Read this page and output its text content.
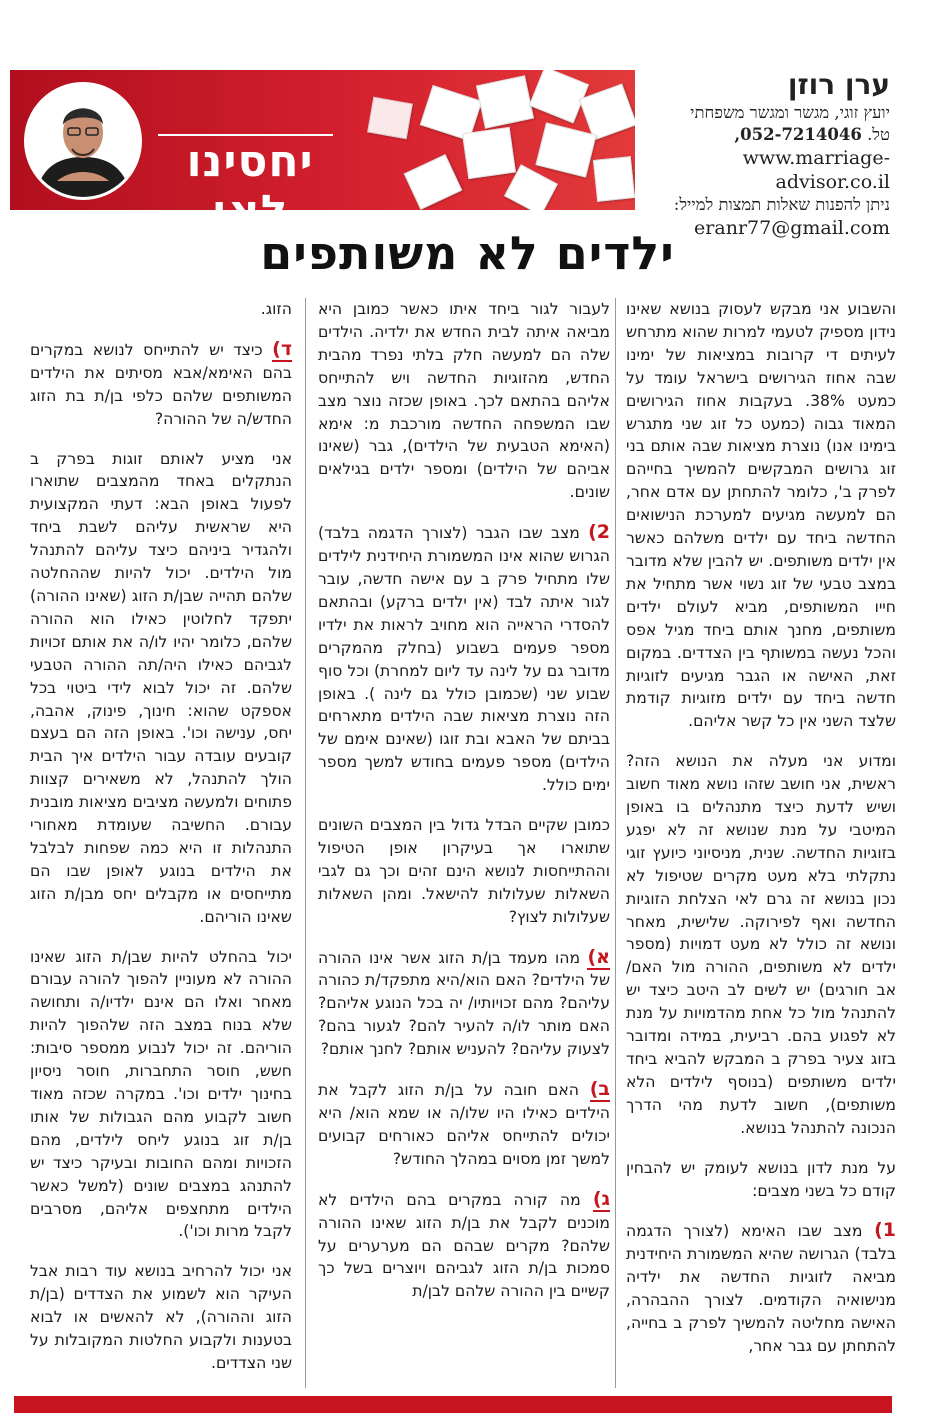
יחסינו לאן
ערן רוזן
יועץ זוגי, מגשר ומגשר משפחתי
טל. 052-7214046,
www.marriage-advisor.co.il
ניתן להפנות שאלות תמצות למייל:
eranr77@gmail.com
ילדים לא משותפים

והשבוע אני מבקש לעסוק בנושא שאינו נידון מספיק לטעמי למרות שהוא מתרחש לעיתים די קרובות במציאות של ימינו שבה אחוז הגירושים בישראל עומד על כמעט 38%. בעקבות אחוז הגירושים המאוד גבוה (כמעט כל זוג שני מתגרש בימינו אנו) נוצרת מציאות שבה אותם בני זוג גרושים המבקשים להמשיך בחייהם לפרק ב', כלומר להתחתן עם אדם אחר, הם למעשה מגיעים למערכת הנישואים החדשה ביחד עם ילדים משלהם כאשר אין ילדים משותפים. יש להבין שלא מדובר במצב טבעי של זוג נשוי אשר מתחיל את חייו המשותפים, מביא לעולם ילדים משותפים, מחנך אותם ביחד מגיל אפס והכל נעשה במשותף בין הצדדים. במקום זאת, האישה או הגבר מגיעים לזוגיות חדשה ביחד עם ילדים מזוגיות קודמת שלצד השני אין כל קשר אליהם.

ומדוע אני מעלה את הנושא הזה? ראשית, אני חושב שזהו נושא מאוד חשוב ושיש לדעת כיצד מתנהלים בו באופן המיטבי על מנת שנושא זה לא יפגע בזוגיות החדשה. שנית, מניסיוני כיועץ זוגי נתקלתי בלא מעט מקרים שטיפול לא נכון בנושא זה גרם לאי הצלחת הזוגיות החדשה ואף לפירוקה. שלישית, מאחר ונושא זה כולל לא מעט דמויות (מספר ילדים לא משותפים, ההורה מול האם/ אב חורגים) יש לשים לב היטב כיצד יש להתנהל מול כל אחת מהדמויות על מנת לא לפגוע בהם. רביעית, במידה ומדובר בזוג צעיר בפרק ב המבקש להביא ביחד ילדים משותפים (בנוסף לילדים הלא משותפים), חשוב לדעת מהי הדרך הנכונה להתנהל בנושא.

על מנת לדון בנושא לעומק יש להבחין קודם כל בשני מצבים:

1) מצב שבו האימא (לצורך הדגמה בלבד) הגרושה שהיא המשמורת היחידנית מביאה לזוגיות החדשה את ילדיה מנישואיה הקודמים. לצורך ההבהרה, האישה מחליטה להמשיך לפרק ב בחייה, להתחתן עם גבר אחר,

לעבור לגור ביחד איתו כאשר כמובן היא מביאה איתה לבית החדש את ילדיה. הילדים שלה הם למעשה חלק בלתי נפרד מהבית החדש, מהזוגיות החדשה ויש להתייחס אליהם בהתאם לכך. באופן שכזה נוצר מצב שבו המשפחה החדשה מורכבת מ: אימא (האימא הטבעית של הילדים), גבר (שאינו אביהם של הילדים) ומספר ילדים בגילאים שונים.

2) מצב שבו הגבר (לצורך הדגמה בלבד) הגרוש שהוא אינו המשמורת היחידנית לילדים שלו מתחיל פרק ב עם אישה חדשה, עובר לגור איתה לבד (אין ילדים ברקע) ובהתאם להסדרי הראייה הוא מחויב לראות את ילדיו מספר פעמים בשבוע (בחלק מהמקרים מדובר גם על לינה עד ליום למחרת) וכל סוף שבוע שני (שכמובן כולל גם לינה ). באופן הזה נוצרת מציאות שבה הילדים מתארחים בביתם של האבא ובת זוגו (שאינם אימם של הילדים) מספר פעמים בחודש למשך מספר ימים כולל.

כמובן שקיים הבדל גדול בין המצבים השונים שתוארו אך בעיקרון אופן הטיפול וההתייחסות לנושא הינם זהים וכך גם לגבי השאלות שעלולות להישאל. ומהן השאלות שעלולות לצוץ?

א) מהו מעמד בן/ת הזוג אשר אינו ההורה של הילדים? האם הוא/היא מתפקד/ת כהורה עליהם? מהם זכויותיו/ יה בכל הנוגע אליהם? האם מותר לו/ה להעיר להם? לגעור בהם? לצעוק עליהם? להעניש אותם? לחנך אותם?

ב) האם חובה על בן/ת הזוג לקבל את הילדים כאילו היו שלו/ה או שמא הוא/ היא יכולים להתייחס אליהם כאורחים קבועים למשך זמן מסוים במהלך החודש?

ג) מה קורה במקרים בהם הילדים לא מוכנים לקבל את בן/ת הזוג שאינו ההורה שלהם? מקרים שבהם הם מערערים על סמכות בן/ת הזוג לגביהם ויוצרים בשל כך קשיים בין ההורה שלהם לבן/ת

הזוג.

ד) כיצד יש להתייחס לנושא במקרים בהם האימא/אבא מסיתים את הילדים המשותפים שלהם כלפי בן/ת בת הזוג החדש/ה של ההורה?

אני מציע לאותם זוגות בפרק ב הנתקלים באחד מהמצבים שתוארו לפעול באופן הבא: דעתי המקצועית היא שראשית עליהם לשבת ביחד ולהגדיר ביניהם כיצד עליהם להתנהל מול הילדים. יכול להיות שההחלטה שלהם תהייה שבן/ת הזוג (שאינו ההורה) יתפקד לחלוטין כאילו הוא ההורה שלהם, כלומר יהיו לו/ה את אותם זכויות לגביהם כאילו היה/תה ההורה הטבעי שלהם. זה יכול לבוא לידי ביטוי בכל אספקט שהוא: חינוך, פינוק, אהבה, יחס, ענישה וכו'. באופן הזה הם בעצם קובעים עובדה עבור הילדים איך הבית הולך להתנהל, לא משאירים קצוות פתוחים ולמעשה מציבים מציאות מובנית עבורם. החשיבה שעומדת מאחורי התנהלות זו היא כמה שפחות לבלבל את הילדים בנוגע לאופן שבו הם מתייחסים או מקבלים יחס מבן/ת הזוג שאינו הוריהם.

יכול בהחלט להיות שבן/ת הזוג שאינו ההורה לא מעוניין להפוך להורה עבורם מאחר ואלו הם אינם ילדיו/ה ותחושה שלא בנוח במצב הזה שלהפוך להיות הוריהם. זה יכול לנבוע ממספר סיבות: חשש, חוסר התחברות, חוסר ניסיון בחינוך ילדים וכו'. במקרה שכזה מאוד חשוב לקבוע מהם הגבולות של אותו בן/ת זוג בנוגע ליחס לילדים, מהם הזכויות ומהם החובות ובעיקר כיצד יש להתנהג במצבים שונים (למשל כאשר הילדים מתחצפים אליהם, מסרבים לקבל מרות וכו').

אני יכול להרחיב בנושא עוד רבות אבל העיקר הוא לשמוע את הצדדים (בן/ת הזוג וההורה), לא להאשים או לבוא בטענות ולקבוע החלטות המקובלות על שני הצדדים.
